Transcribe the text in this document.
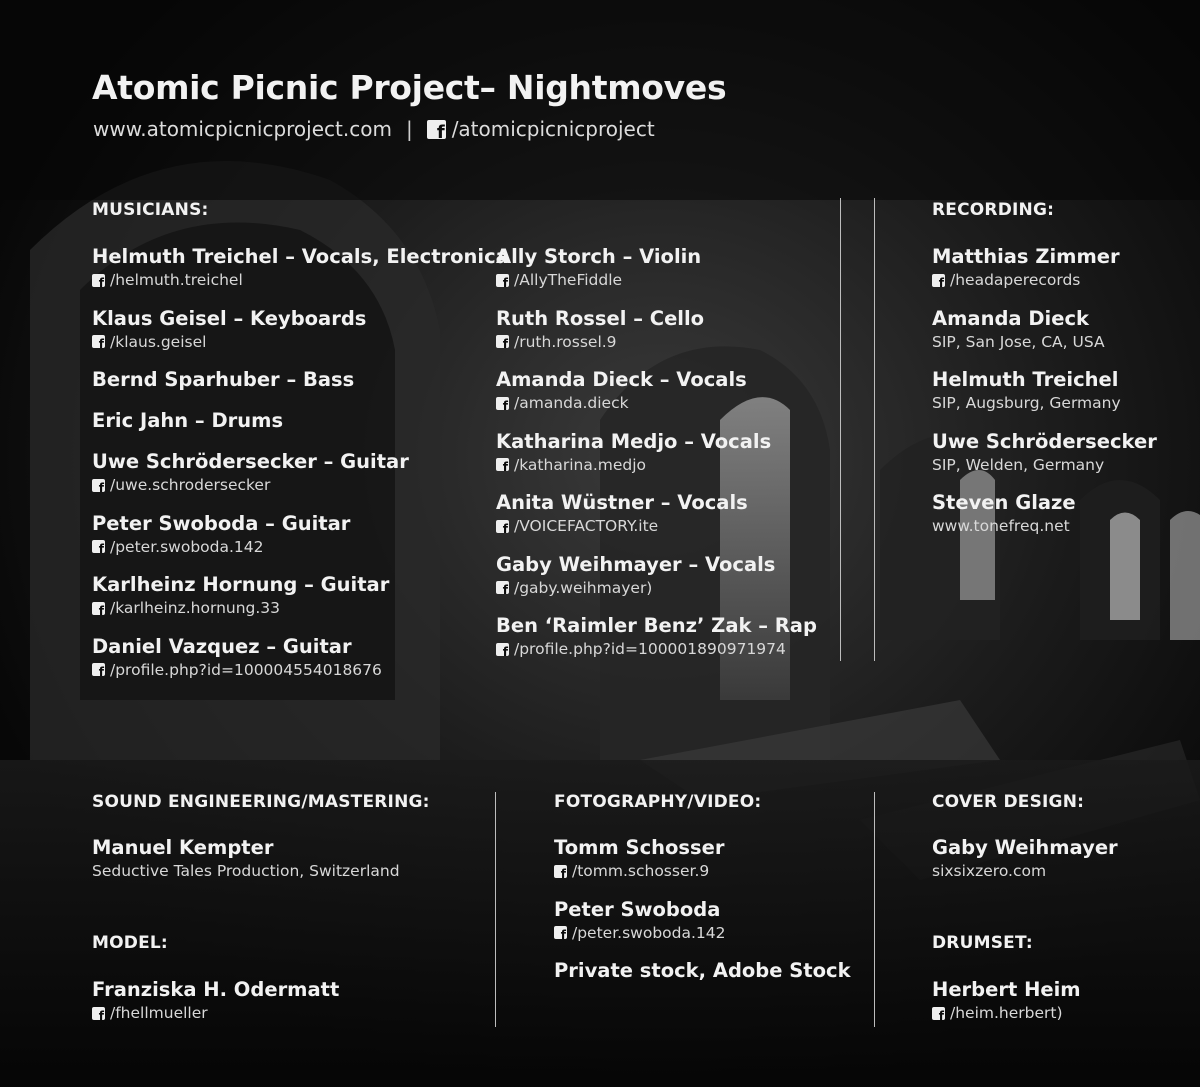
Atomic Picnic Project– Nightmoves
www.atomicpicnicproject.com |
f /atomicpicnicproject
MUSICIANS:
Helmuth Treichel – Vocals, Electronica
f
/helmuth.treichel
Klaus Geisel – Keyboards
f
/klaus.geisel
Bernd Sparhuber – Bass
Eric Jahn – Drums
Uwe Schrödersecker – Guitar
f
/uwe.schrodersecker
Peter Swoboda – Guitar
f
/peter.swoboda.142
Karlheinz Hornung – Guitar
f
/karlheinz.hornung.33
Daniel Vazquez – Guitar
f
/profile.php?id=100004554018676
Ally Storch – Violin
f
/AllyTheFiddle
Ruth Rossel – Cello
f
/ruth.rossel.9
Amanda Dieck – Vocals
f
/amanda.dieck
Katharina Medjo – Vocals
f
/katharina.medjo
Anita Wüstner – Vocals
f
/VOICEFACTORY.ite
Gaby Weihmayer – Vocals
f
/gaby.weihmayer)
Ben ‘Raimler Benz’ Zak – Rap
f
/profile.php?id=100001890971974
RECORDING:
Matthias Zimmer
f
/headaperecords
Amanda Dieck
SIP, San Jose, CA, USA
Helmuth Treichel
SIP, Augsburg, Germany
Uwe Schrödersecker
SIP, Welden, Germany
Steven Glaze
www.tonefreq.net
SOUND ENGINEERING/MASTERING:
Manuel Kempter
Seductive Tales Production, Switzerland
MODEL:
Franziska H. Odermatt
f
/fhellmueller
FOTOGRAPHY/VIDEO:
Tomm Schosser
f
/tomm.schosser.9
Peter Swoboda
f
/peter.swoboda.142
Private stock, Adobe Stock
COVER DESIGN:
Gaby Weihmayer
sixsixzero.com
DRUMSET:
Herbert Heim
f
/heim.herbert)
